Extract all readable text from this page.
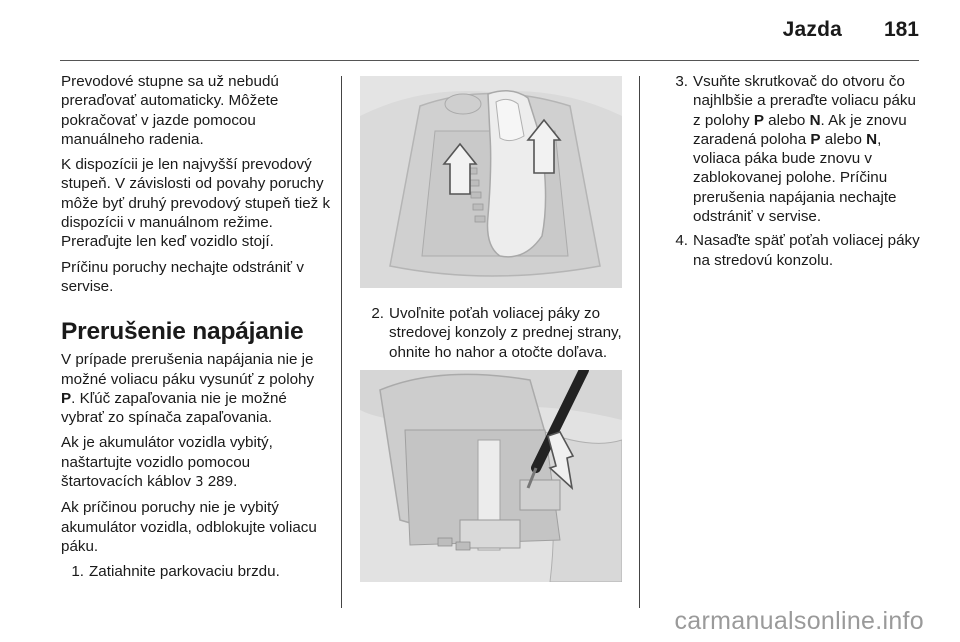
Jazda 181

Prevodové stupne sa už nebudú preraďovať automaticky. Môžete pokračovať v jazde pomocou manuálneho radenia.

K dispozícii je len najvyšší prevodový stupeň. V závislosti od povahy poruchy môže byť druhý prevodový stupeň tiež k dispozícii v manuálnom režime. Preraďujte len keď vozidlo stojí.

Príčinu poruchy nechajte odstrániť v servise.

Prerušenie napájanie

V prípade prerušenia napájania nie je možné voliacu páku vysunúť z polohy P. Kľúč zapaľovania nie je možné vybrať zo spínača zapaľovania.

Ak je akumulátor vozidla vybitý, naštartujte vozidlo pomocou štartovacích káblov 3 289.

Ak príčinou poruchy nie je vybitý akumulátor vozidla, odblokujte voliacu páku.

1. Zatiahnite parkovaciu brzdu.
2. Uvoľnite poťah voliacej páky zo stredovej konzoly z prednej strany, ohnite ho nahor a otočte doľava.
3. Vsuňte skrutkovač do otvoru čo najhlbšie a preraďte voliacu páku z polohy P alebo N. Ak je znovu zaradená poloha P alebo N, voliaca páka bude znovu v zablokovanej polohe. Príčinu prerušenia napájania nechajte odstrániť v servise.
4. Nasaďte späť poťah voliacej páky na stredovú konzolu.
carmanualsonline.info
